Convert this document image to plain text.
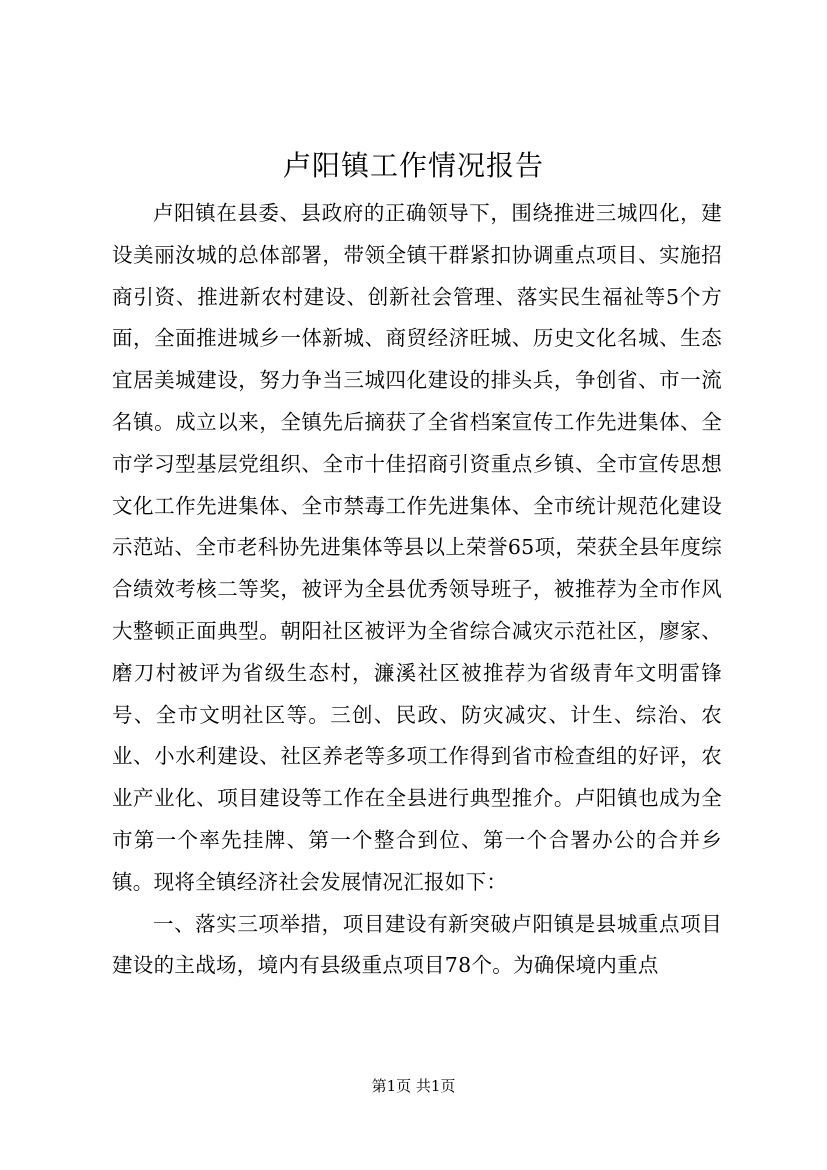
卢阳镇工作情况报告

卢阳镇在县委、县政府的正确领导下，围绕推进三城四化，建设美丽汝城的总体部署，带领全镇干群紧扣协调重点项目、实施招商引资、推进新农村建设、创新社会管理、落实民生福祉等5个方面，全面推进城乡一体新城、商贸经济旺城、历史文化名城、生态宜居美城建设，努力争当三城四化建设的排头兵，争创省、市一流名镇。成立以来，全镇先后摘获了全省档案宣传工作先进集体、全市学习型基层党组织、全市十佳招商引资重点乡镇、全市宣传思想文化工作先进集体、全市禁毒工作先进集体、全市统计规范化建设示范站、全市老科协先进集体等县以上荣誉65项，荣获全县年度综合绩效考核二等奖，被评为全县优秀领导班子，被推荐为全市作风大整顿正面典型。朝阳社区被评为全省综合减灾示范社区，廖家、磨刀村被评为省级生态村，濂溪社区被推荐为省级青年文明雷锋号、全市文明社区等。三创、民政、防灾减灾、计生、综治、农业、小水利建设、社区养老等多项工作得到省市检查组的好评，农业产业化、项目建设等工作在全县进行典型推介。卢阳镇也成为全市第一个率先挂牌、第一个整合到位、第一个合署办公的合并乡镇。现将全镇经济社会发展情况汇报如下：

一、落实三项举措，项目建设有新突破卢阳镇是县城重点项目建设的主战场，境内有县级重点项目78个。为确保境内重点

第1页 共1页
